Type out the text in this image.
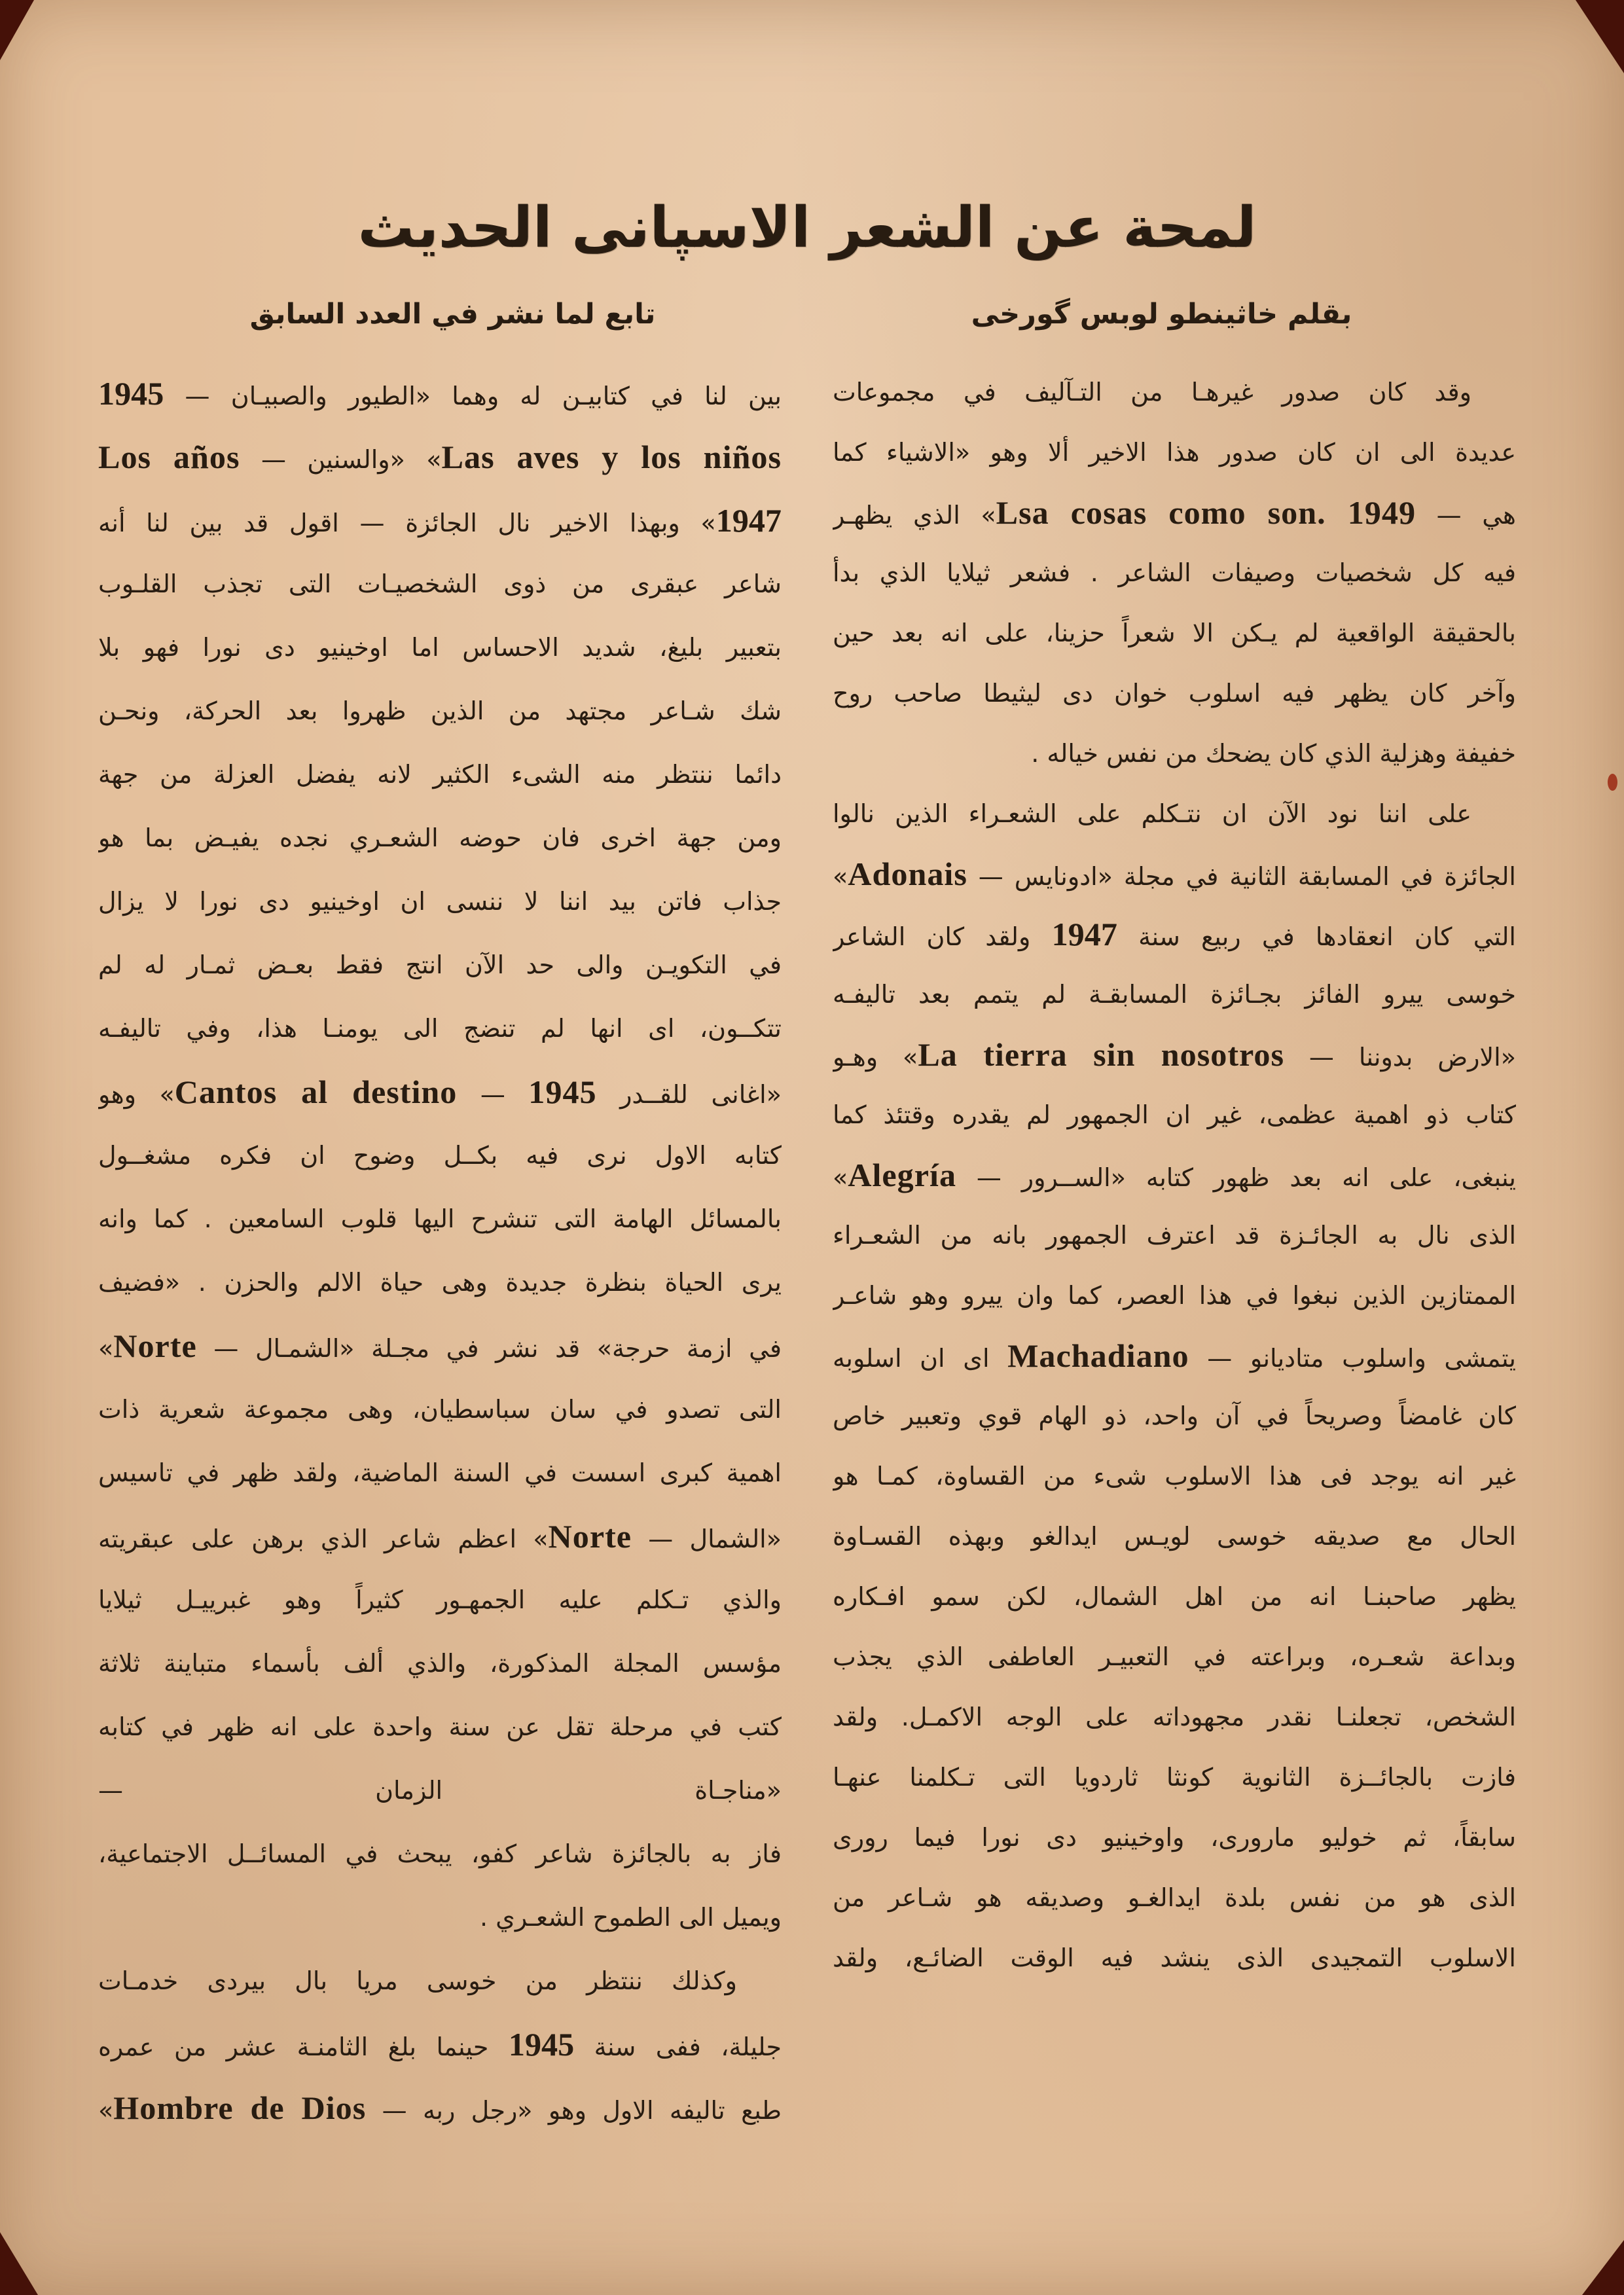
لمحة عن الشعر الاسپانى الحديث
بقلم خاثينطو لوبس گورخى
تابع لما نشر في العدد السابق
وقد كان صدور غيرهـا من التـآليف في مجموعات
عديدة الى ان كان صدور هذا الاخير ألا وهو «الاشياء كما
هي — Lsa cosas como son. 1949» الذي يظهـر
فيه كل شخصيات وصيفات الشاعر . فشعر ثيلايا الذي بدأ
بالحقيقة الواقعية لم يـكن الا شعراً حزينا، على انه بعد حين
وآخر كان يظهر فيه اسلوب خوان دى ليثيطا صاحب روح
خفيفة وهزلية الذي كان يضحك من نفس خياله .
على اننا نود الآن ان نتـكلم على الشعـراء الذين نالوا
الجائزة في المسابقة الثانية في مجلة «ادونايس — Adonais»
التي كان انعقادها في ربيع سنة 1947 ولقد كان الشاعر
خوسى ييرو الفائز بجـائزة المسابقـة لم يتمم بعد تاليفـه
«الارض بدوننا — La tierra sin nosotros» وهـو
كتاب ذو اهمية عظمى، غير ان الجمهور لم يقدره وقتئذ كما
ينبغى، على انه بعد ظهور كتابه «الســرور — Alegría»
الذى نال به الجائـزة قد اعترف الجمهور بانه من الشعـراء
الممتازين الذين نبغوا في هذا العصر، كما وان ييرو وهو شاعـر
يتمشى واسلوب متاديانو — Machadiano اى ان اسلوبه
كان غامضاً وصريحاً في آن واحد، ذو الهام قوي وتعبير خاص
غير انه يوجد فى هذا الاسلوب شىء من القساوة، كمـا هو
الحال مع صديقه خوسى لويـس ايدالغو وبهذه القسـاوة
يظهر صاحبنـا انه من اهل الشمال، لكن سمو افـكاره
وبداعة شعـره، وبراعته في التعبيـر العاطفى الذي يجذب
الشخص، تجعلنـا نقدر مجهوداته على الوجه الاكمـل. ولقد
فازت بالجائــزة الثانوية كونثا ثاردويا التى تـكلمنا عنهـا
سابقاً، ثم خوليو مارورى، واوخينيو دى نورا فيما رورى
الذى هو من نفس بلدة ايدالغـو وصديقه هو شـاعر من
الاسلوب التمجيدى الذى ينشد فيه الوقت الضائـع، ولقد
بين لنا في كتابيـن له وهما «الطيور والصبيـان — 1945
Las aves y los niños» «والسنين — Los años
1947» وبهذا الاخير نال الجائزة — اقول قد بين لنا أنه
شاعر عبقرى من ذوى الشخصيـات التى تجذب القلـوب
بتعبير بليغ، شديد الاحساس اما اوخينيو دى نورا فهو بلا
شك شـاعر مجتهد من الذين ظهروا بعد الحركة، ونحـن
دائما ننتظر منه الشىء الكثير لانه يفضل العزلة من جهة
ومن جهة اخرى فان حوضه الشعـري نجده يفيـض بما هو
جذاب فاتن بيد اننا لا ننسى ان اوخينيو دى نورا لا يزال
في التكويـن والى حد الآن انتج فقط بعـض ثمـار له لم
تتكــون، اى انها لم تنضج الى يومنـا هذا، وفي تاليفـه
«اغانى للقــدر Cantos al destino — 1945» وهو
كتابه الاول نرى فيه بكــل وضوح ان فكره مشغــول
بالمسائل الهامة التى تنشرح اليها قلوب السامعين . كما وانه
يرى الحياة بنظرة جديدة وهى حياة الالم والحزن . «فضيف
في ازمة حرجة» قد نشر في مجـلة «الشمـال — Norte»
التى تصدو في سان سباسطيان، وهى مجموعة شعرية ذات
اهمية كبرى اسست في السنة الماضية، ولقد ظهر في تاسيس
«الشمال — Norte» اعظم شاعر الذي برهن على عبقريته
والذي تـكلم عليه الجمهـور كثيراً وهو غبرييـل ثيلايا
مؤسس المجلة المذكورة، والذي ألف بأسماء متباينة ثلاثة
كتب في مرحلة تقل عن سنة واحدة على انه ظهر في كتابه
«مناجـاة الزمان —
فاز به بالجائزة شاعر كفو، يبحث في المسائــل الاجتماعية،
ويميل الى الطموح الشعـري .
وكذلك ننتظر من خوسى مريا بال بيردى خدمـات
جليلة، ففى سنة 1945 حينما بلغ الثامنـة عشر من عمره
طبع تاليفه الاول وهو «رجل ربه — Hombre de Dios»
